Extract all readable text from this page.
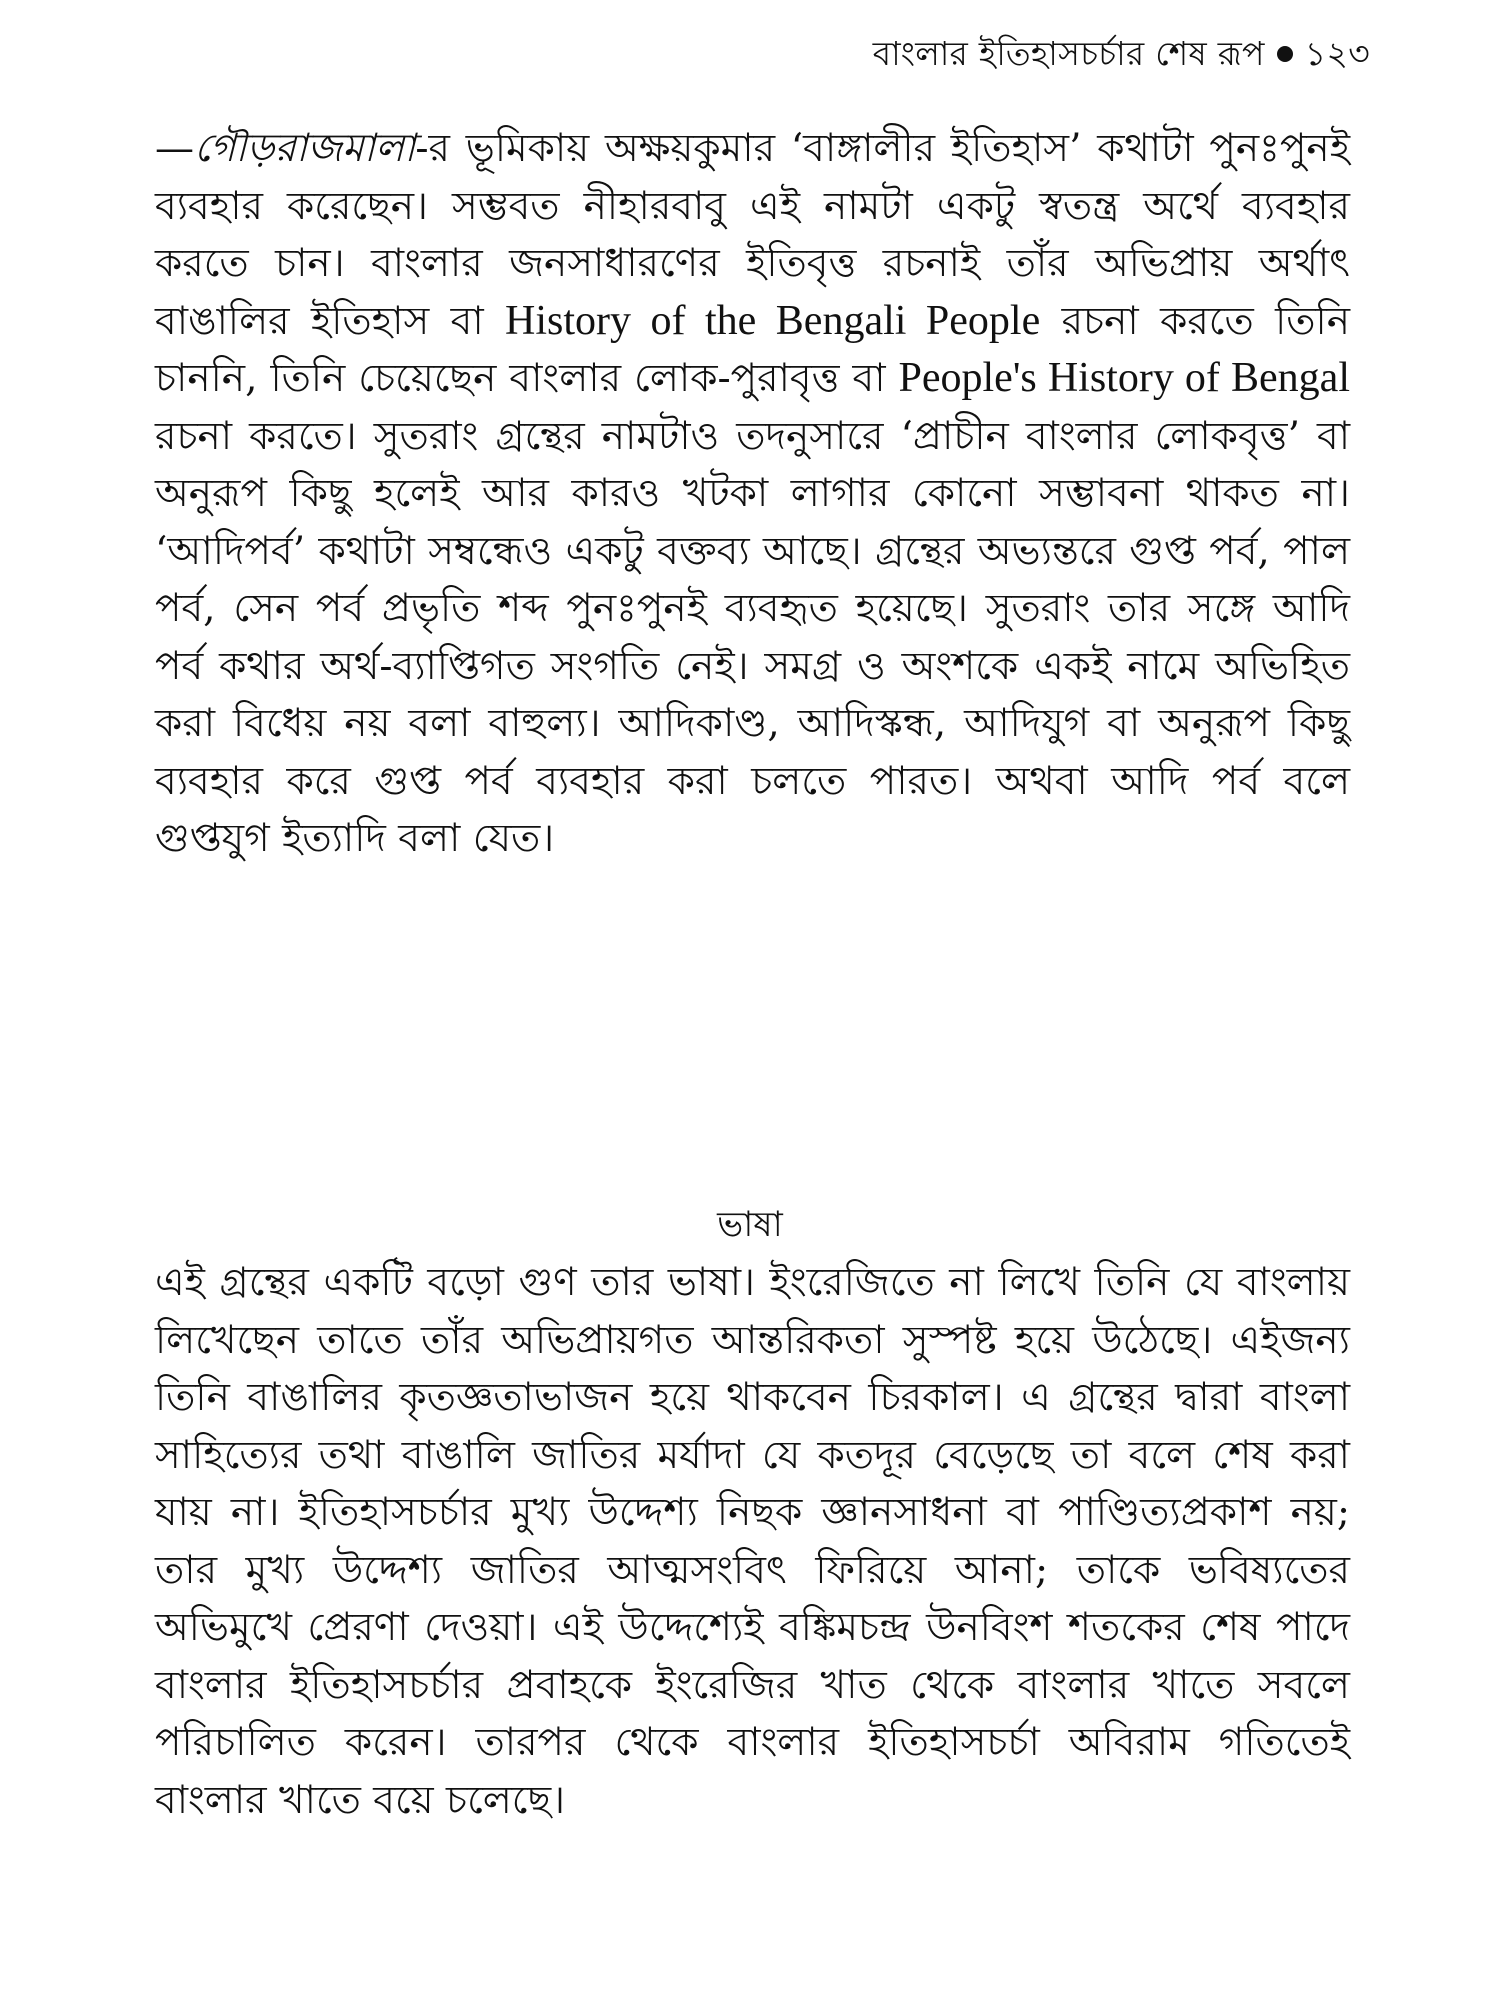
বাংলার ইতিহাসচর্চার শেষ রূপ ১২৩

—গৌড়রাজমালা-র ভূমিকায় অক্ষয়কুমার ‘বাঙ্গালীর ইতিহাস’ কথাটা পুনঃপুনই ব্যবহার করেছেন। সম্ভবত নীহারবাবু এই নামটা একটু স্বতন্ত্র অর্থে ব্যবহার করতে চান। বাংলার জনসাধারণের ইতিবৃত্ত রচনাই তাঁর অভিপ্রায় অর্থাৎ বাঙালির ইতিহাস বা History of the Bengali People রচনা করতে তিনি চাননি, তিনি চেয়েছেন বাংলার লোক-পুরাবৃত্ত বা People's History of Bengal রচনা করতে। সুতরাং গ্রন্থের নামটাও তদনুসারে ‘প্রাচীন বাংলার লোকবৃত্ত’ বা অনুরূপ কিছু হলেই আর কারও খটকা লাগার কোনো সম্ভাবনা থাকত না। ‘আদিপর্ব’ কথাটা সম্বন্ধেও একটু বক্তব্য আছে। গ্রন্থের অভ্যন্তরে গুপ্ত পর্ব, পাল পর্ব, সেন পর্ব প্রভৃতি শব্দ পুনঃপুনই ব্যবহৃত হয়েছে। সুতরাং তার সঙ্গে আদি পর্ব কথার অর্থ-ব্যাপ্তিগত সংগতি নেই। সমগ্র ও অংশকে একই নামে অভিহিত করা বিধেয় নয় বলা বাহুল্য। আদিকাণ্ড, আদিস্কন্ধ, আদিযুগ বা অনুরূপ কিছু ব্যবহার করে গুপ্ত পর্ব ব্যবহার করা চলতে পারত। অথবা আদি পর্ব বলে গুপ্তযুগ ইত্যাদি বলা যেত।

ভাষা

এই গ্রন্থের একটি বড়ো গুণ তার ভাষা। ইংরেজিতে না লিখে তিনি যে বাংলায় লিখেছেন তাতে তাঁর অভিপ্রায়গত আন্তরিকতা সুস্পষ্ট হয়ে উঠেছে। এইজন্য তিনি বাঙালির কৃতজ্ঞতাভাজন হয়ে থাকবেন চিরকাল। এ গ্রন্থের দ্বারা বাংলা সাহিত্যের তথা বাঙালি জাতির মর্যাদা যে কতদূর বেড়েছে তা বলে শেষ করা যায় না। ইতিহাসচর্চার মুখ্য উদ্দেশ্য নিছক জ্ঞানসাধনা বা পাণ্ডিত্যপ্রকাশ নয়; তার মুখ্য উদ্দেশ্য জাতির আত্মসংবিৎ ফিরিয়ে আনা; তাকে ভবিষ্যতের অভিমুখে প্রেরণা দেওয়া। এই উদ্দেশ্যেই বঙ্কিমচন্দ্র উনবিংশ শতকের শেষ পাদে বাংলার ইতিহাসচর্চার প্রবাহকে ইংরেজির খাত থেকে বাংলার খাতে সবলে পরিচালিত করেন। তারপর থেকে বাংলার ইতিহাসচর্চা অবিরাম গতিতেই বাংলার খাতে বয়ে চলেছে।
